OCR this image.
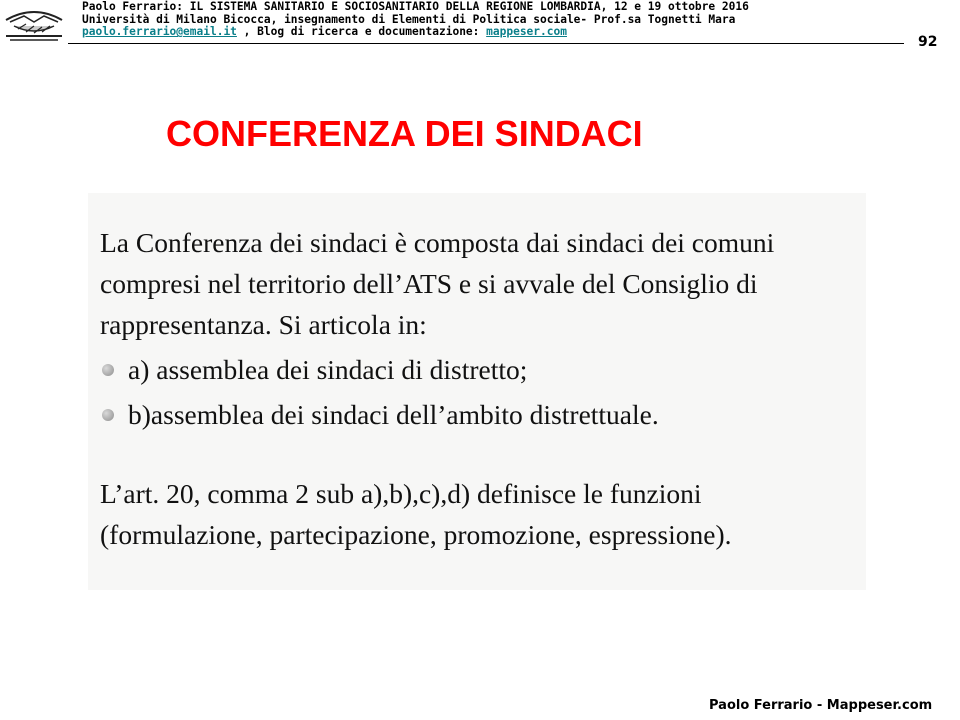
Paolo Ferrario: IL SISTEMA SANITARIO E SOCIOSANITARIO DELLA REGIONE LOMBARDIA, 12 e 19 ottobre 2016
Università di Milano Bicocca, insegnamento di Elementi di Politica sociale- Prof.sa Tognetti Mara
paolo.ferrario@email.it , Blog di ricerca e documentazione: mappeser.com
92
CONFERENZA DEI SINDACI

La Conferenza dei sindaci è composta dai sindaci dei comuni compresi nel territorio dell’ATS e si avvale del Consiglio di rappresentanza. Si articola in:

a) assemblea dei sindaci di distretto;
b)assemblea dei sindaci dell’ambito distrettuale.

L’art. 20, comma 2 sub a),b),c),d) definisce le funzioni (formulazione, partecipazione, promozione, espressione).

Paolo Ferrario - Mappeser.com
